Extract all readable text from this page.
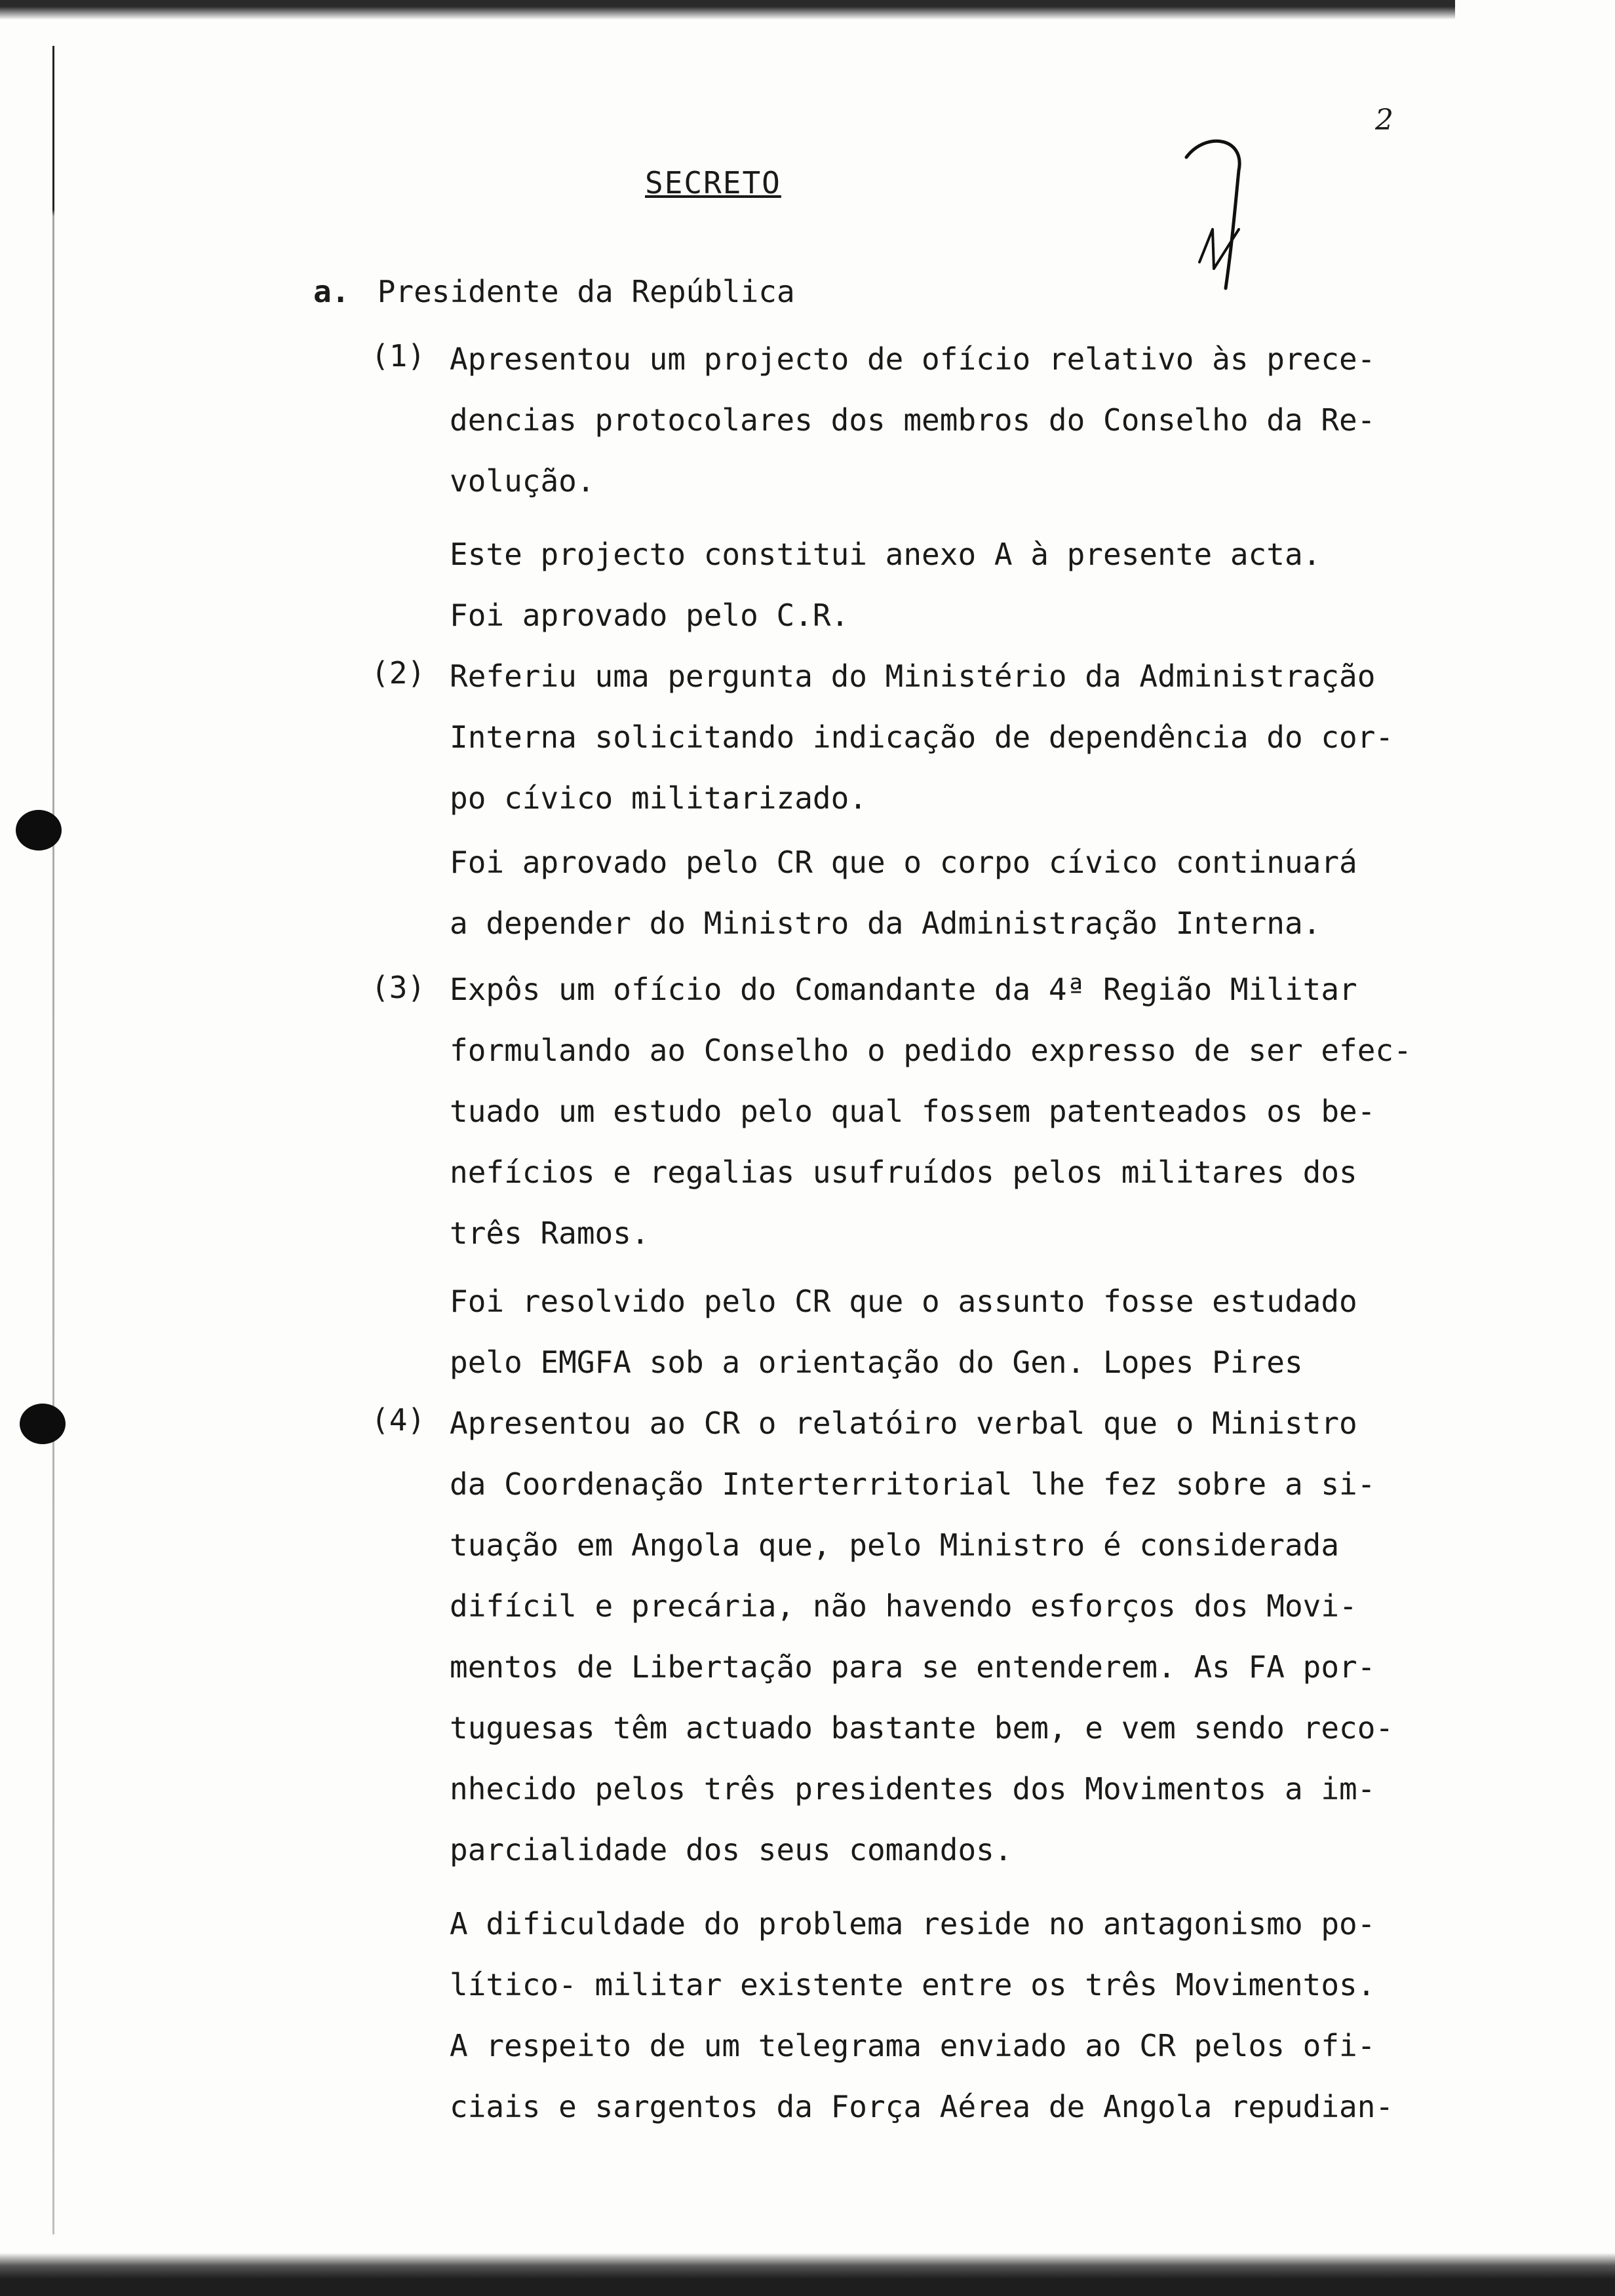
2
SECRETO
a. Presidente da República
(1) Apresentou um projecto de ofício relativo às prece-
dencias protocolares dos membros do Conselho da Re-
volução.
Este projecto constitui anexo A à presente acta.
Foi aprovado pelo C.R.
(2) Referiu uma pergunta do Ministério da Administração
Interna solicitando indicação de dependência do cor-
po cívico militarizado.
Foi aprovado pelo CR que o corpo cívico continuará
a depender do Ministro da Administração Interna.
(3) Expôs um ofício do Comandante da 4ª Região Militar
formulando ao Conselho o pedido expresso de ser efec-
tuado um estudo pelo qual fossem patenteados os be-
nefícios e regalias usufruídos pelos militares dos
três Ramos.
Foi resolvido pelo CR que o assunto fosse estudado
pelo EMGFA sob a orientação do Gen. Lopes Pires
(4) Apresentou ao CR o relatóiro verbal que o Ministro
da Coordenação Interterritorial lhe fez sobre a si-
tuação em Angola que, pelo Ministro é considerada
difícil e precária, não havendo esforços dos Movi-
mentos de Libertação para se entenderem. As FA por-
tuguesas têm actuado bastante bem, e vem sendo reco-
nhecido pelos três presidentes dos Movimentos a im-
parcialidade dos seus comandos.
A dificuldade do problema reside no antagonismo po-
lítico- militar existente entre os três Movimentos.
A respeito de um telegrama enviado ao CR pelos ofi-
ciais e sargentos da Força Aérea de Angola repudian-
